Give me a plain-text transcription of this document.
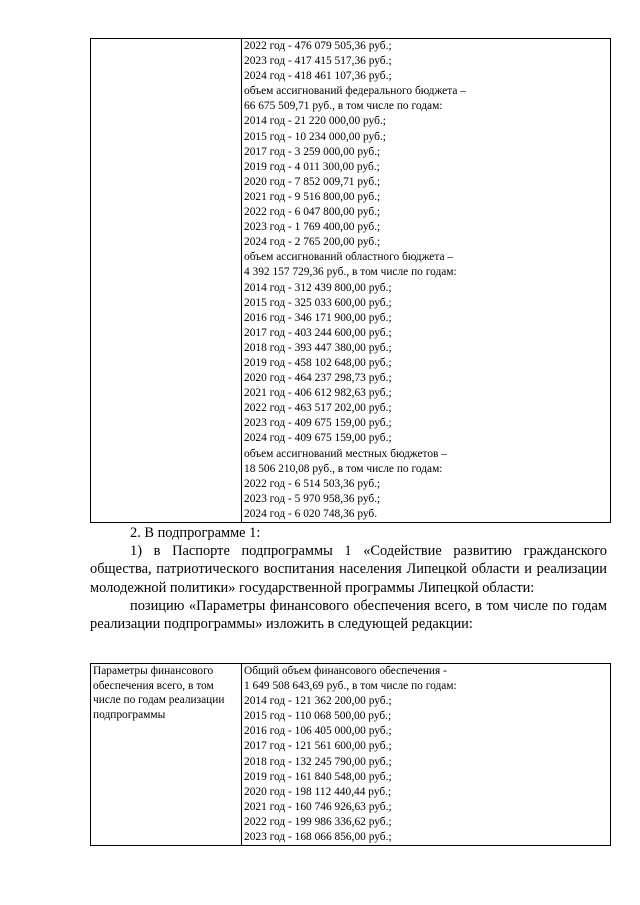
2022 год - 476 079 505,36 руб.;
2023 год - 417 415 517,36 руб.;
2024 год - 418 461 107,36 руб.;
объем ассигнований федерального бюджета –
66 675 509,71 руб., в том числе по годам:
2014 год - 21 220 000,00 руб.;
2015 год - 10 234 000,00 руб.;
2017 год - 3 259 000,00 руб.;
2019 год - 4 011 300,00 руб.;
2020 год - 7 852 009,71 руб.;
2021 год - 9 516 800,00 руб.;
2022 год - 6 047 800,00 руб.;
2023 год - 1 769 400,00 руб.;
2024 год - 2 765 200,00 руб.;
объем ассигнований областного бюджета –
4 392 157 729,36 руб., в том числе по годам:
2014 год - 312 439 800,00 руб.;
2015 год - 325 033 600,00 руб.;
2016 год - 346 171 900,00 руб.;
2017 год - 403 244 600,00 руб.;
2018 год - 393 447 380,00 руб.;
2019 год - 458 102 648,00 руб.;
2020 год - 464 237 298,73 руб.;
2021 год - 406 612 982,63 руб.;
2022 год - 463 517 202,00 руб.;
2023 год - 409 675 159,00 руб.;
2024 год - 409 675 159,00 руб.;
объем ассигнований местных бюджетов –
18 506 210,08 руб., в том числе по годам:
2022 год - 6 514 503,36 руб.;
2023 год - 5 970 958,36 руб.;
2024 год - 6 020 748,36 руб.

2. В подпрограмме 1:

1) в Паспорте подпрограммы 1 «Содействие развитию гражданского общества, патриотического воспитания населения Липецкой области и реализации молодежной политики» государственной программы Липецкой области:

позицию «Параметры финансового обеспечения всего, в том числе по годам реализации подпрограммы» изложить в следующей редакции:

Параметры финансового
обеспечения всего, в том
числе по годам реализации
подпрограммы

Общий объем финансового обеспечения -
1 649 508 643,69 руб., в том числе по годам:
2014 год - 121 362 200,00 руб.;
2015 год - 110 068 500,00 руб.;
2016 год - 106 405 000,00 руб.;
2017 год - 121 561 600,00 руб.;
2018 год - 132 245 790,00 руб.;
2019 год - 161 840 548,00 руб.;
2020 год - 198 112 440,44 руб.;
2021 год - 160 746 926,63 руб.;
2022 год - 199 986 336,62 руб.;
2023 год - 168 066 856,00 руб.;
